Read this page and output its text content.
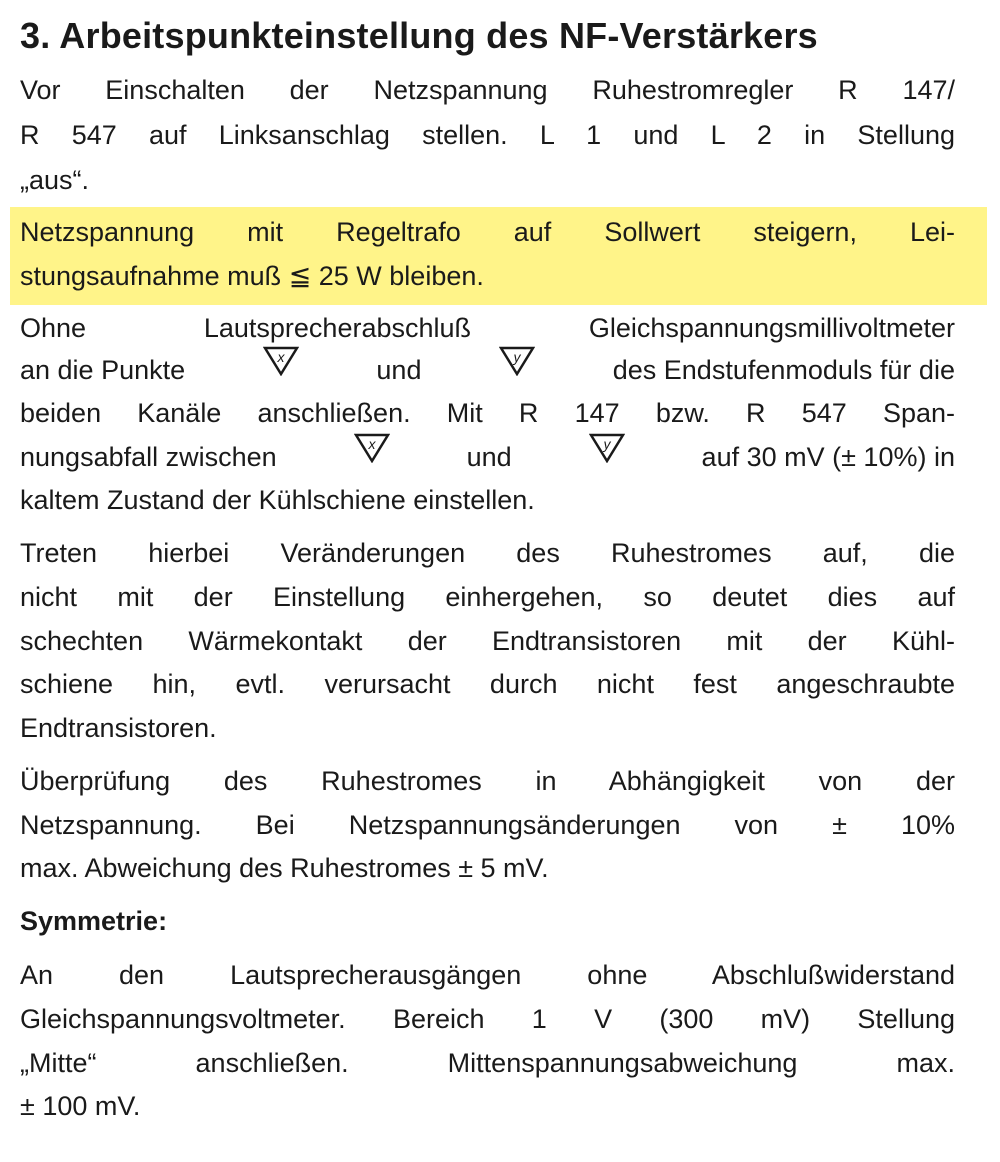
3. Arbeitspunkteinstellung des NF-Verstärkers
Vor Einschalten der Netzspannung Ruhestromregler R 147/
R 547 auf Linksanschlag stellen. L 1 und L 2 in Stellung
„aus“.
Netzspannung mit Regeltrafo auf Sollwert steigern, Lei-
stungsaufnahme muß ≦ 25 W bleiben.
Ohne Lautsprecherabschluß Gleichspannungsmillivoltmeter
an die Punkte	x	und	y	des Endstufenmoduls für die
beiden Kanäle anschließen. Mit R 147 bzw. R 547 Span-
nungsabfall zwischen	x	und	y	auf 30 mV (± 10%) in
kaltem Zustand der Kühlschiene einstellen.
Treten hierbei Veränderungen des Ruhestromes auf, die
nicht mit der Einstellung einhergehen, so deutet dies auf
schechten Wärmekontakt der Endtransistoren mit der Kühl-
schiene hin, evtl. verursacht durch nicht fest angeschraubte
Endtransistoren.
Überprüfung des Ruhestromes in Abhängigkeit von der
Netzspannung. Bei Netzspannungsänderungen von ± 10%
max. Abweichung des Ruhestromes ± 5 mV.
Symmetrie:
An den Lautsprecherausgängen ohne Abschlußwiderstand
Gleichspannungsvoltmeter. Bereich 1 V (300 mV) Stellung
„Mitte“ anschließen. Mittenspannungsabweichung max.
± 100 mV.
